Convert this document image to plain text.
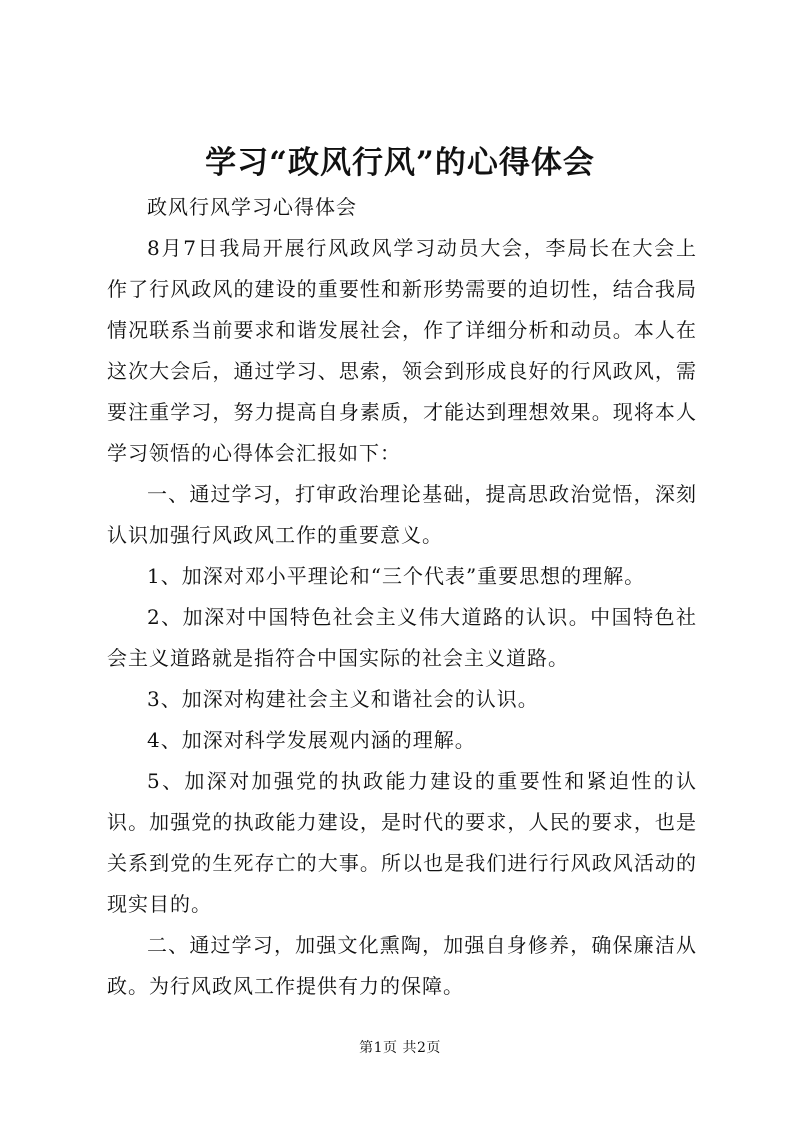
学习“政风行风”的心得体会

政风行风学习心得体会

8月7日我局开展行风政风学习动员大会，李局长在大会上作了行风政风的建设的重要性和新形势需要的迫切性，结合我局情况联系当前要求和谐发展社会，作了详细分析和动员。本人在这次大会后，通过学习、思索，领会到形成良好的行风政风，需要注重学习，努力提高自身素质，才能达到理想效果。现将本人学习领悟的心得体会汇报如下：

一、通过学习，打审政治理论基础，提高思政治觉悟，深刻认识加强行风政风工作的重要意义。

1、加深对邓小平理论和“三个代表”重要思想的理解。

2、加深对中国特色社会主义伟大道路的认识。中国特色社会主义道路就是指符合中国实际的社会主义道路。

3、加深对构建社会主义和谐社会的认识。

4、加深对科学发展观内涵的理解。

5、加深对加强党的执政能力建设的重要性和紧迫性的认识。加强党的执政能力建设，是时代的要求，人民的要求，也是关系到党的生死存亡的大事。所以也是我们进行行风政风活动的现实目的。

二、通过学习，加强文化熏陶，加强自身修养，确保廉洁从政。为行风政风工作提供有力的保障。

第1页 共2页
